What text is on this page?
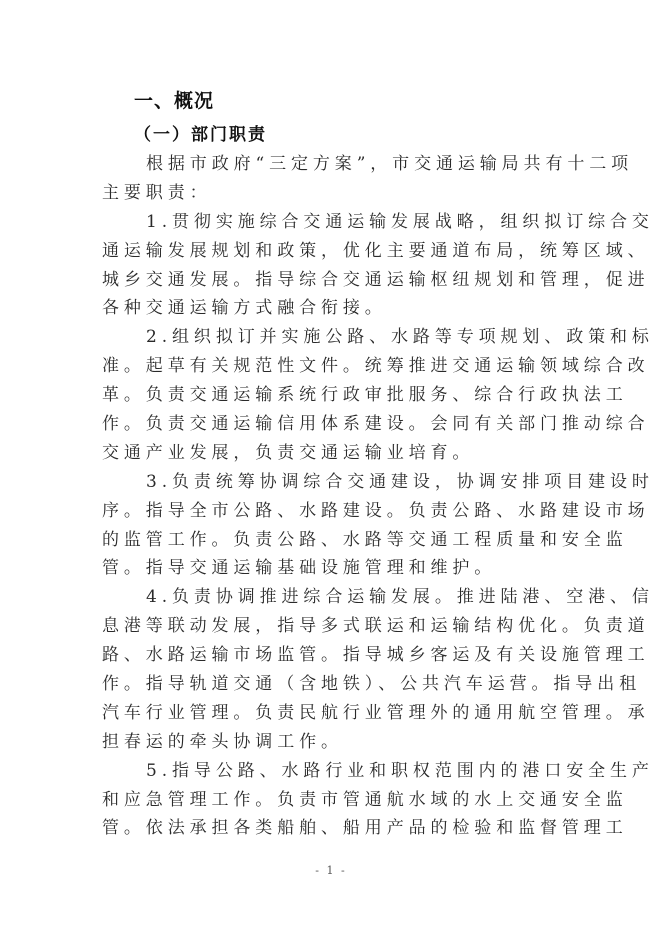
一、概况
（一）部门职责
根据市政府“三定方案”，市交通运输局共有十二项
主要职责：
1.贯彻实施综合交通运输发展战略，组织拟订综合交
通运输发展规划和政策，优化主要通道布局，统筹区域、
城乡交通发展。指导综合交通运输枢纽规划和管理，促进
各种交通运输方式融合衔接。
2.组织拟订并实施公路、水路等专项规划、政策和标
准。起草有关规范性文件。统筹推进交通运输领域综合改
革。负责交通运输系统行政审批服务、综合行政执法工
作。负责交通运输信用体系建设。会同有关部门推动综合
交通产业发展，负责交通运输业培育。
3.负责统筹协调综合交通建设，协调安排项目建设时
序。指导全市公路、水路建设。负责公路、水路建设市场
的监管工作。负责公路、水路等交通工程质量和安全监
管。指导交通运输基础设施管理和维护。
4.负责协调推进综合运输发展。推进陆港、空港、信
息港等联动发展，指导多式联运和运输结构优化。负责道
路、水路运输市场监管。指导城乡客运及有关设施管理工
作。指导轨道交通（含地铁）、公共汽车运营。指导出租
汽车行业管理。负责民航行业管理外的通用航空管理。承
担春运的牵头协调工作。
5.指导公路、水路行业和职权范围内的港口安全生产
和应急管理工作。负责市管通航水域的水上交通安全监
管。依法承担各类船舶、船用产品的检验和监督管理工
- 1 -
